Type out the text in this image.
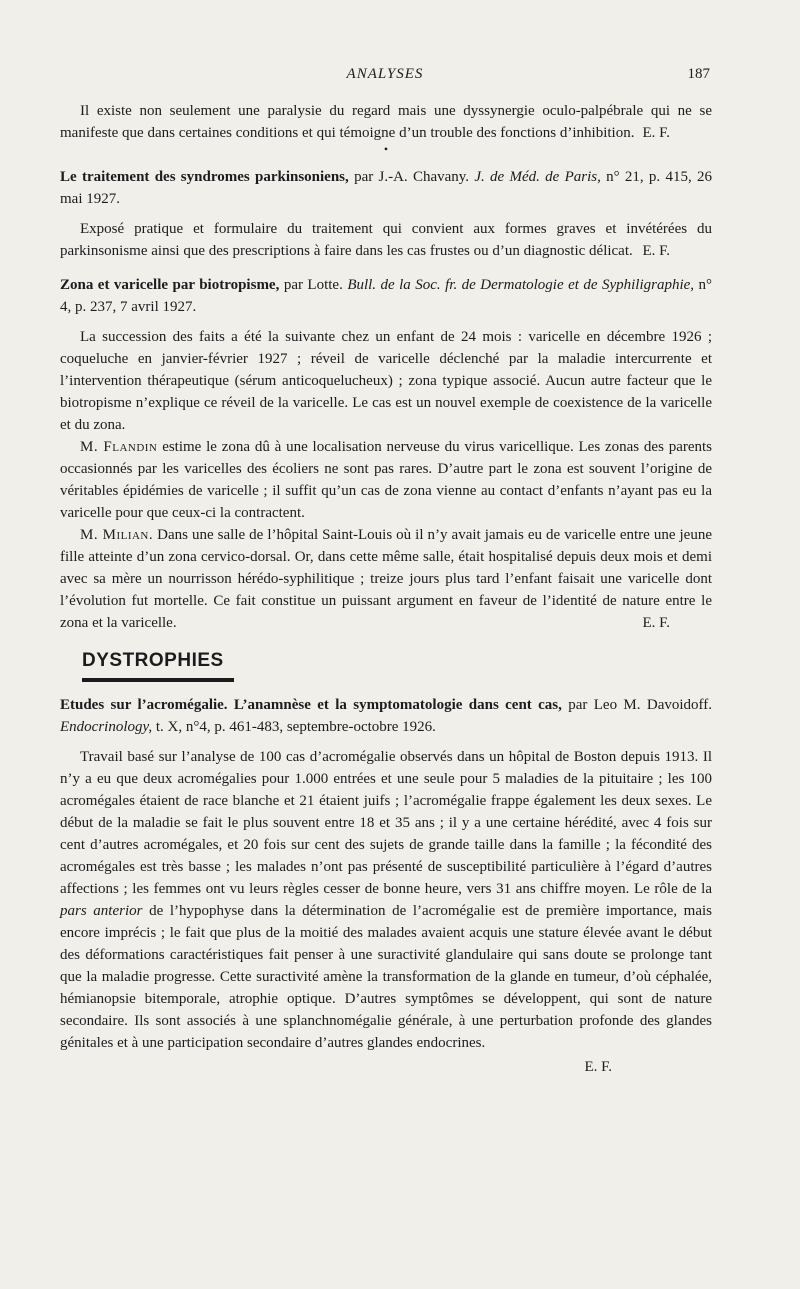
ANALYSES	187

Il existe non seulement une paralysie du regard mais une dyssynergie oculo-palpébrale qui ne se manifeste que dans certaines conditions et qui témoigne d’un trouble des fonctions d’inhibition. E. F.

•

Le traitement des syndromes parkinsoniens, par J.-A. Chavany. J. de Méd. de Paris, n° 21, p. 415, 26 mai 1927.

Exposé pratique et formulaire du traitement qui convient aux formes graves et invétérées du parkinsonisme ainsi que des prescriptions à faire dans les cas frustes ou d’un diagnostic délicat. E. F.

Zona et varicelle par biotropisme, par Lotte. Bull. de la Soc. fr. de Dermatologie et de Syphiligraphie, n° 4, p. 237, 7 avril 1927.

La succession des faits a été la suivante chez un enfant de 24 mois : varicelle en décembre 1926 ; coqueluche en janvier-février 1927 ; réveil de varicelle déclenché par la maladie intercurrente et l’intervention thérapeutique (sérum anticoquelucheux) ; zona typique associé. Aucun autre facteur que le biotropisme n’explique ce réveil de la varicelle. Le cas est un nouvel exemple de coexistence de la varicelle et du zona.

M. Flandin estime le zona dû à une localisation nerveuse du virus varicellique. Les zonas des parents occasionnés par les varicelles des écoliers ne sont pas rares. D’autre part le zona est souvent l’origine de véritables épidémies de varicelle ; il suffit qu’un cas de zona vienne au contact d’enfants n’ayant pas eu la varicelle pour que ceux-ci la contractent.

M. Milian. Dans une salle de l’hôpital Saint-Louis où il n’y avait jamais eu de varicelle entre une jeune fille atteinte d’un zona cervico-dorsal. Or, dans cette même salle, était hospitalisé depuis deux mois et demi avec sa mère un nourrisson hérédo-syphilitique ; treize jours plus tard l’enfant faisait une varicelle dont l’évolution fut mortelle. Ce fait constitue un puissant argument en faveur de l’identité de nature entre le zona et la varicelle.	E. F.

DYSTROPHIES

Etudes sur l’acromégalie. L’anamnèse et la symptomatologie dans cent cas, par Leo M. Davoidoff. Endocrinology, t. X, n°4, p. 461-483, septembre-octobre 1926.

Travail basé sur l’analyse de 100 cas d’acromégalie observés dans un hôpital de Boston depuis 1913. Il n’y a eu que deux acromégalies pour 1.000 entrées et une seule pour 5 maladies de la pituitaire ; les 100 acromégales étaient de race blanche et 21 étaient juifs ; l’acromégalie frappe également les deux sexes. Le début de la maladie se fait le plus souvent entre 18 et 35 ans ; il y a une certaine hérédité, avec 4 fois sur cent d’autres acromégales, et 20 fois sur cent des sujets de grande taille dans la famille ; la fécondité des acromégales est très basse ; les malades n’ont pas présenté de susceptibilité particulière à l’égard d’autres affections ; les femmes ont vu leurs règles cesser de bonne heure, vers 31 ans chiffre moyen. Le rôle de la pars anterior de l’hypophyse dans la détermination de l’acromégalie est de première importance, mais encore imprécis ; le fait que plus de la moitié des malades avaient acquis une stature élevée avant le début des déformations caractéristiques fait penser à une suractivité glandulaire qui sans doute se prolonge tant que la maladie progresse. Cette suractivité amène la transformation de la glande en tumeur, d’où céphalée, hémianopsie bitemporale, atrophie optique. D’autres symptômes se développent, qui sont de nature secondaire. Ils sont associés à une splanchnomégalie générale, à une perturbation profonde des glandes génitales et à une participation secondaire d’autres glandes endocrines.

E. F.
